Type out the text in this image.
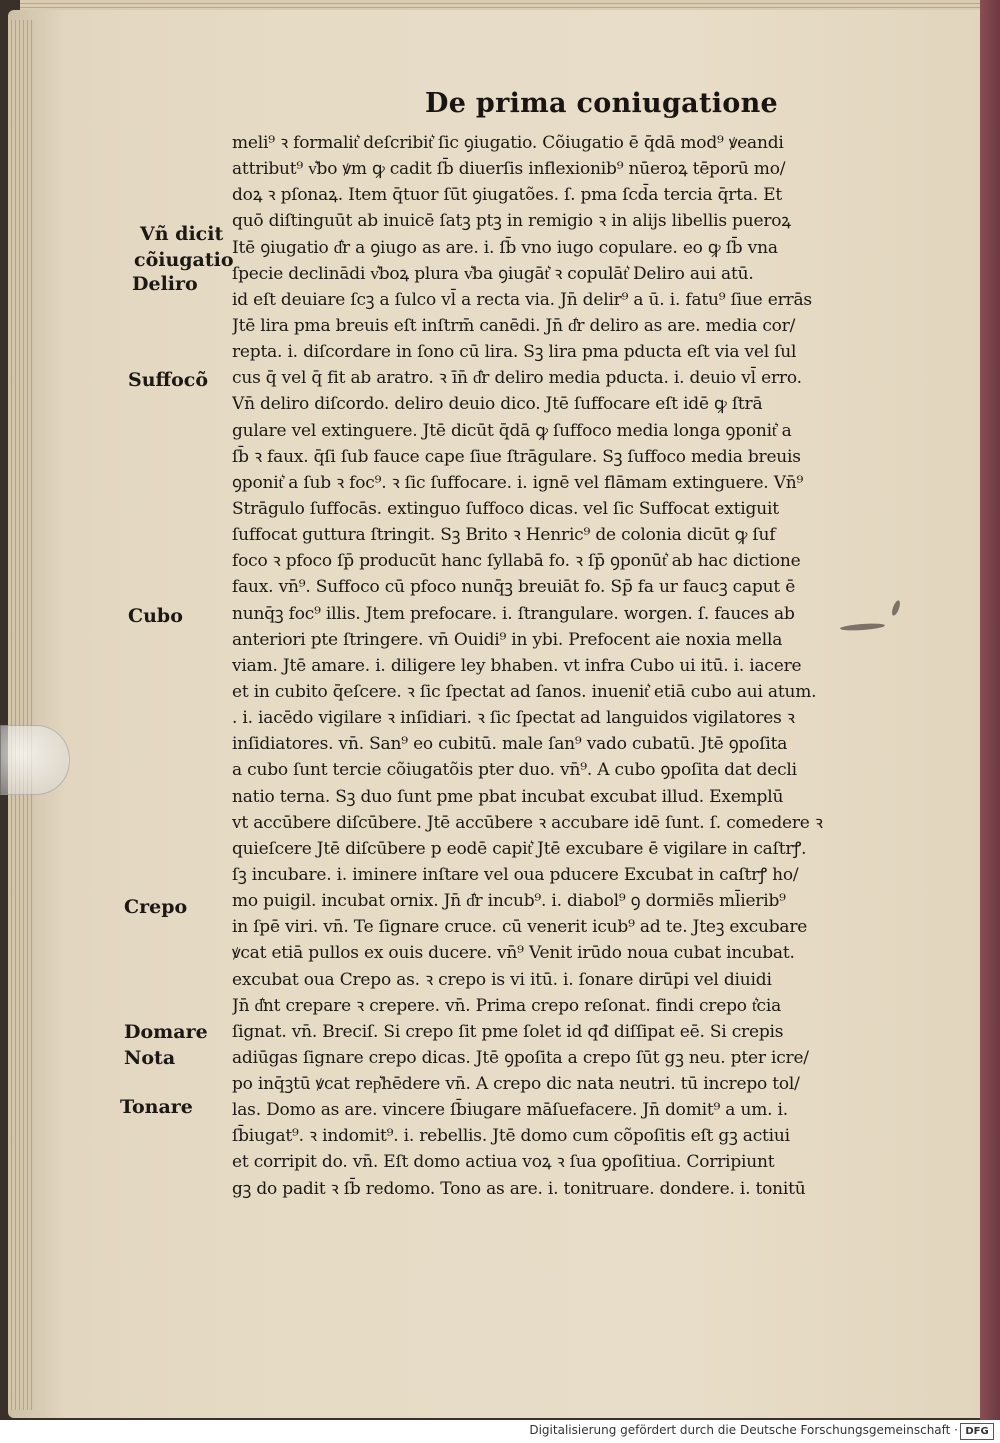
De prima coniugatione
Vñ dicit
cõiugatio
Deliro
Suffocõ
Cubo
Crepo
Domare
Nota
Tonare
meli⁹ ꝛ formalit͛ deſcribit͛ ſic ꝯiugatio. Cõiugatio ē q̄dā mod⁹ ꝟeandi
attribut⁹ v͛bo ꝟm ꝙ cadit ſb̄ diuerſis inflexionib⁹ nūeroꝝ tēporū mo/
doꝝ ꝛ pſonaꝝ. Item q̄tuor ſūt ꝯiugatões. ſ. pma ſcd̄a tercia q̄rta. Et
quō diſtinguūt ab inuicē ſatꝫ ptꝫ in remigio ꝛ in alijs libellis pueroꝝ
Itē ꝯiugatio d͛r a ꝯiugo as are. i. ſb̄ vno iugo copulare. eo ꝙ ſb̄ vna
ſpecie declinādi v͛boꝝ plura v͛ba ꝯiugāt͛ ꝛ copulāt͛ Deliro aui atū.
id eſt deuiare ſcꝫ a ſulco vl̄ a recta via. Jn̄ delir⁹ a ū. i. fatu⁹ ſiue errās
Jtē lira pma breuis eſt inſtrm̄ canēdi. Jn̄ d͛r deliro as are. media cor/
repta. i. diſcordare in ſono cū lira. Sꝫ lira pma pducta eſt via vel ſul
cus q̄ vel q̄ fit ab aratro. ꝛ īn̄ d͛r deliro media pducta. i. deuio vl̄ erro.
Vn̄ deliro diſcordo. deliro deuio dico. Jtē ſuffocare eſt idē ꝙ ſtrā
gulare vel extinguere. Jtē dicūt q̄dā ꝙ ſuffoco media longa ꝯponit͛ a
ſb̄ ꝛ faux. q̄ſi ſub fauce cape ſiue ſtrāgulare. Sꝫ ſuffoco media breuis
ꝯponit͛ a ſub ꝛ foc⁹. ꝛ ſic ſuffocare. i. ignē vel flāmam extinguere. Vn̄⁹
Strāgulo ſuffocās. extinguo ſuffoco dicas. vel ſic Suffocat extiguit
ſuffocat guttura ſtringit. Sꝫ Brito ꝛ Henric⁹ de colonia dicūt ꝙ ſuf
foco ꝛ pfoco ſp̄ producūt hanc ſyllabā fo. ꝛ ſp̄ ꝯponūt͛ ab hac dictione
faux. vn̄⁹. Suffoco cū pfoco nunq̄ꝫ breuiāt fo. Sp̄ fa ur faucꝫ caput ē
nunq̄ꝫ foc⁹ illis. Jtem prefocare. i. ſtrangulare. worgen. ſ. fauces ab
anteriori pte ſtringere. vn̄ Ouidi⁹ in ybi. Prefocent aie noxia mella
viam. Jtē amare. i. diligere ley bhaben. vt infra Cubo ui itū. i. iacere
et in cubito q̄eſcere. ꝛ ſic ſpectat ad ſanos. inuenit͛ etiā cubo aui atum.
. i. iacēdo vigilare ꝛ inſidiari. ꝛ ſic ſpectat ad languidos vigilatores ꝛ
inſidiatores. vn̄. San⁹ eo cubitū. male ſan⁹ vado cubatū. Jtē ꝯpoſita
a cubo ſunt tercie cõiugatõis pter duo. vn̄⁹. A cubo ꝯpoſita dat decli
natio terna. Sꝫ duo ſunt pme pbat incubat excubat illud. Exemplū
vt accūbere diſcūbere. Jtē accūbere ꝛ accubare idē ſunt. ſ. comedere ꝛ
quieſcere Jtē diſcūbere p eodē capit͛ Jtē excubare ē vigilare in caſtrꝭ.
ſꝫ incubare. i. iminere inſtare vel oua pducere Excubat in caſtrꝭ ho/
mo puigil. incubat ornix. Jn̄ d͛r incub⁹. i. diabol⁹ ꝯ dormiēs ml̄ierib⁹
in ſpē viri. vn̄. Te ſignare cruce. cū venerit icub⁹ ad te. Jteꝫ excubare
ꝟcat etiā pullos ex ouis ducere. vn̄⁹ Venit irūdo noua cubat incubat.
excubat oua Crepo as. ꝛ crepo is vi itū. i. ſonare dirūpi vel diuidi
Jn̄ d͛nt crepare ꝛ crepere. vn̄. Prima crepo reſonat. findi crepo t͛cia
ſignat. vn̄. Breciſ. Si crepo ſit pme ſolet id qđ diſſipat eē. Si crepis
adiūgas ſignare crepo dicas. Jtē ꝯpoſita a crepo ſūt gꝫ neu. pter icre/
po inq̄ꝫtū ꝟcat rep͛hēdere vn̄. A crepo dic nata neutri. tū increpo tol/
las. Domo as are. vincere ſb̄iugare māſuefacere. Jn̄ domit⁹ a um. i.
ſb̄iugat⁹. ꝛ indomit⁹. i. rebellis. Jtē domo cum cõpoſitis eſt gꝫ actiui
et corripit do. vn̄. Eſt domo actiua voꝝ ꝛ ſua ꝯpoſitiua. Corripiunt
gꝫ do padit ꝛ ſb̄ redomo. Tono as are. i. tonitruare. dondere. i. tonitū
Digitalisierung gefördert durch die Deutsche Forschungsgemeinschaft · DFG
